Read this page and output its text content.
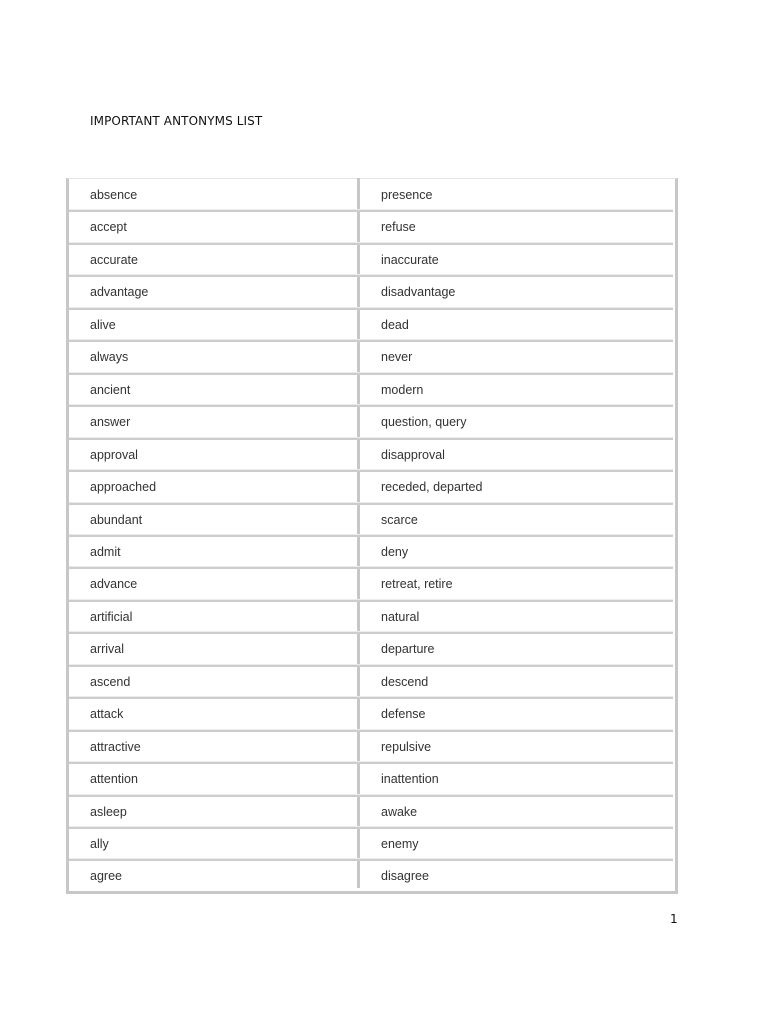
IMPORTANT ANTONYMS LIST
absence	presence
accept	refuse
accurate	inaccurate
advantage	disadvantage
alive	dead
always	never
ancient	modern
answer	question, query
approval	disapproval
approached	receded, departed
abundant	scarce
admit	deny
advance	retreat, retire
artificial	natural
arrival	departure
ascend	descend
attack	defense
attractive	repulsive
attention	inattention
asleep	awake
ally	enemy
agree	disagree
1
